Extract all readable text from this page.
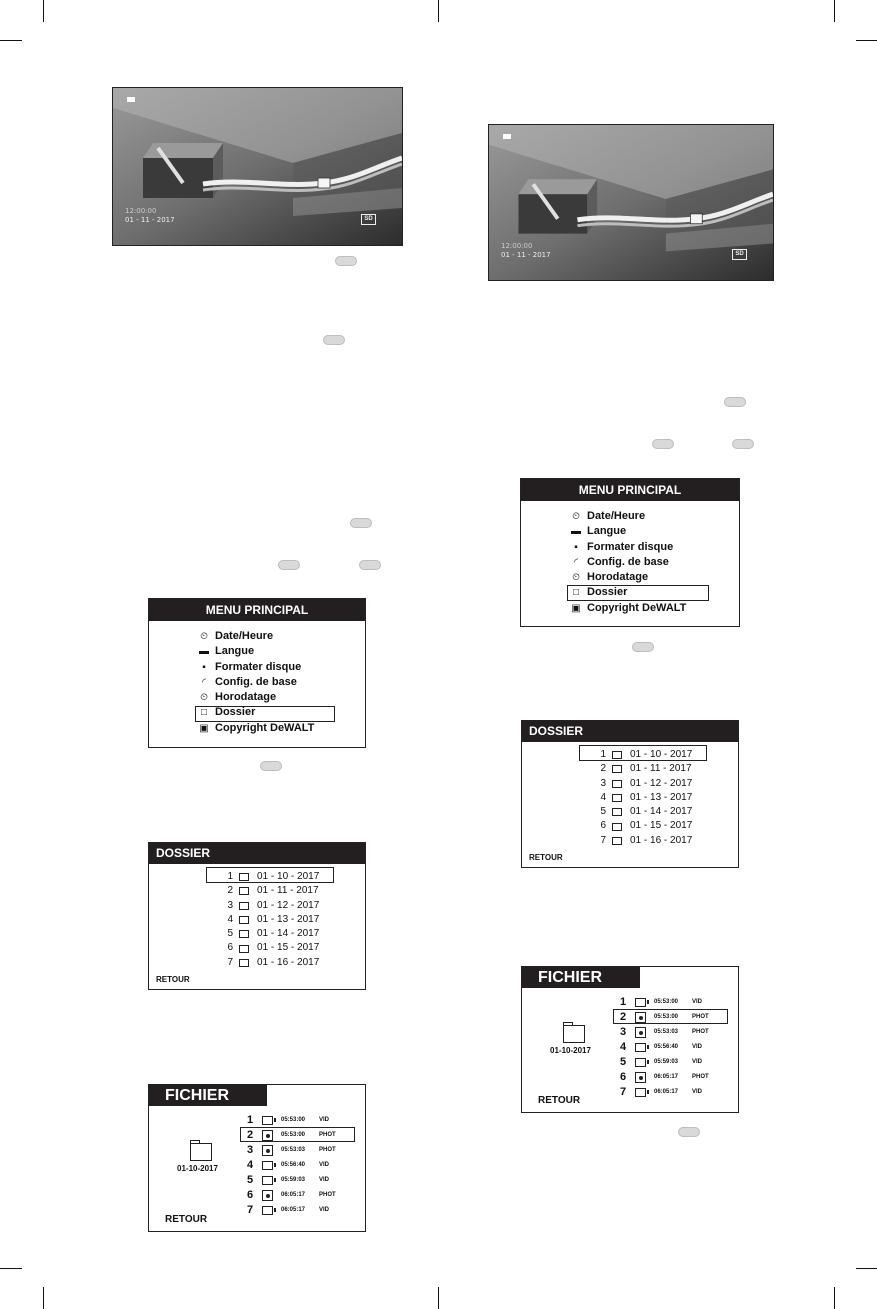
12:00:00
01 - 11 - 2017	SD
MENU PRINCIPAL
⏲ Date/Heure
▬ Langue
▪ Formater disque
◜ Config. de base
⏲ Horodatage
□ Dossier
▣ Copyright DeWALT
DOSSIER
1 01 - 10 - 2017
2 01 - 11 - 2017
3 01 - 12 - 2017
4 01 - 13 - 2017
5 01 - 14 - 2017
6 01 - 15 - 2017
7 01 - 16 - 2017
RETOUR
FICHIER
01-10-2017
1	05:53:00	VID
2	05:53:00	PHOT
3	05:53:03	PHOT
4	05:56:40	VID
5	05:59:03	VID
6	06:05:17	PHOT
7	06:05:17	VID
RETOUR
12:00:00
01 - 11 - 2017	SD
MENU PRINCIPAL
⏲ Date/Heure
▬ Langue
▪ Formater disque
◜ Config. de base
⏲ Horodatage
□ Dossier
▣ Copyright DeWALT
DOSSIER
1 01 - 10 - 2017
2 01 - 11 - 2017
3 01 - 12 - 2017
4 01 - 13 - 2017
5 01 - 14 - 2017
6 01 - 15 - 2017
7 01 - 16 - 2017
RETOUR
FICHIER
01-10-2017
1	05:53:00	VID
2	05:53:00	PHOT
3	05:53:03	PHOT
4	05:56:40	VID
5	05:59:03	VID
6	06:05:17	PHOT
7	06:05:17	VID
RETOUR
